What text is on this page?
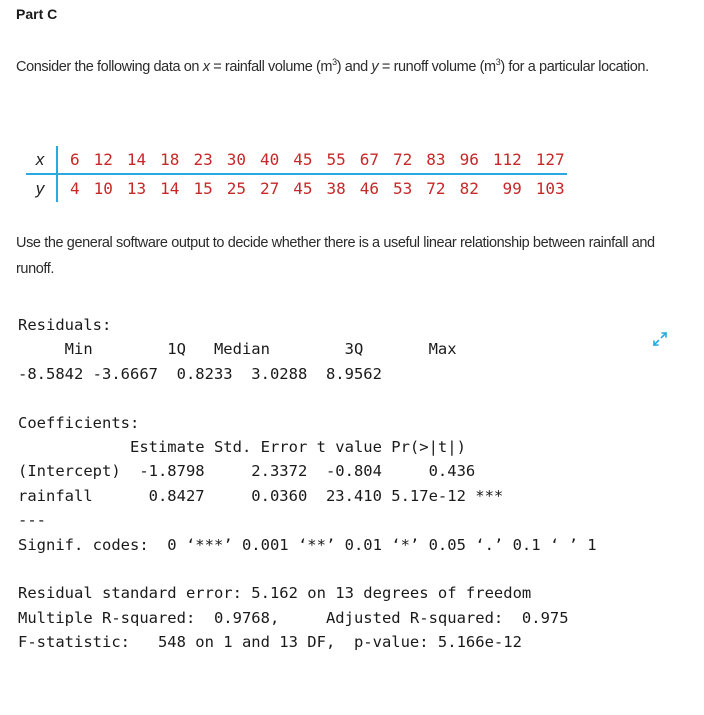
Part C
Consider the following data on x = rainfall volume $(m^3)$ and y = runoff volume $(m^3)$ for a particular location.
x	6	12	14	18	23	30	40	45	55	67	72	83	96	112	127
y	4	10	13	14	15	25	27	45	38	46	53	72	82	99	103
Use the general software output to decide whether there is a useful linear relationship between rainfall and runoff.
Residuals:
Min        1Q   Median        3Q       Max
-8.5842 -3.6667  0.8233  3.0288  8.9562

Coefficients:
Estimate Std. Error t value Pr(>|t|)
(Intercept)  -1.8798     2.3372  -0.804     0.436
rainfall      0.8427     0.0360  23.410 5.17e-12 ***
---
Signif. codes:  0 ‘***’ 0.001 ‘**’ 0.01 ‘*’ 0.05 ‘.’ 0.1 ‘ ’ 1

Residual standard error: 5.162 on 13 degrees of freedom
Multiple R-squared:  0.9768,     Adjusted R-squared:  0.975
F-statistic:   548 on 1 and 13 DF,  p-value: 5.166e-12
